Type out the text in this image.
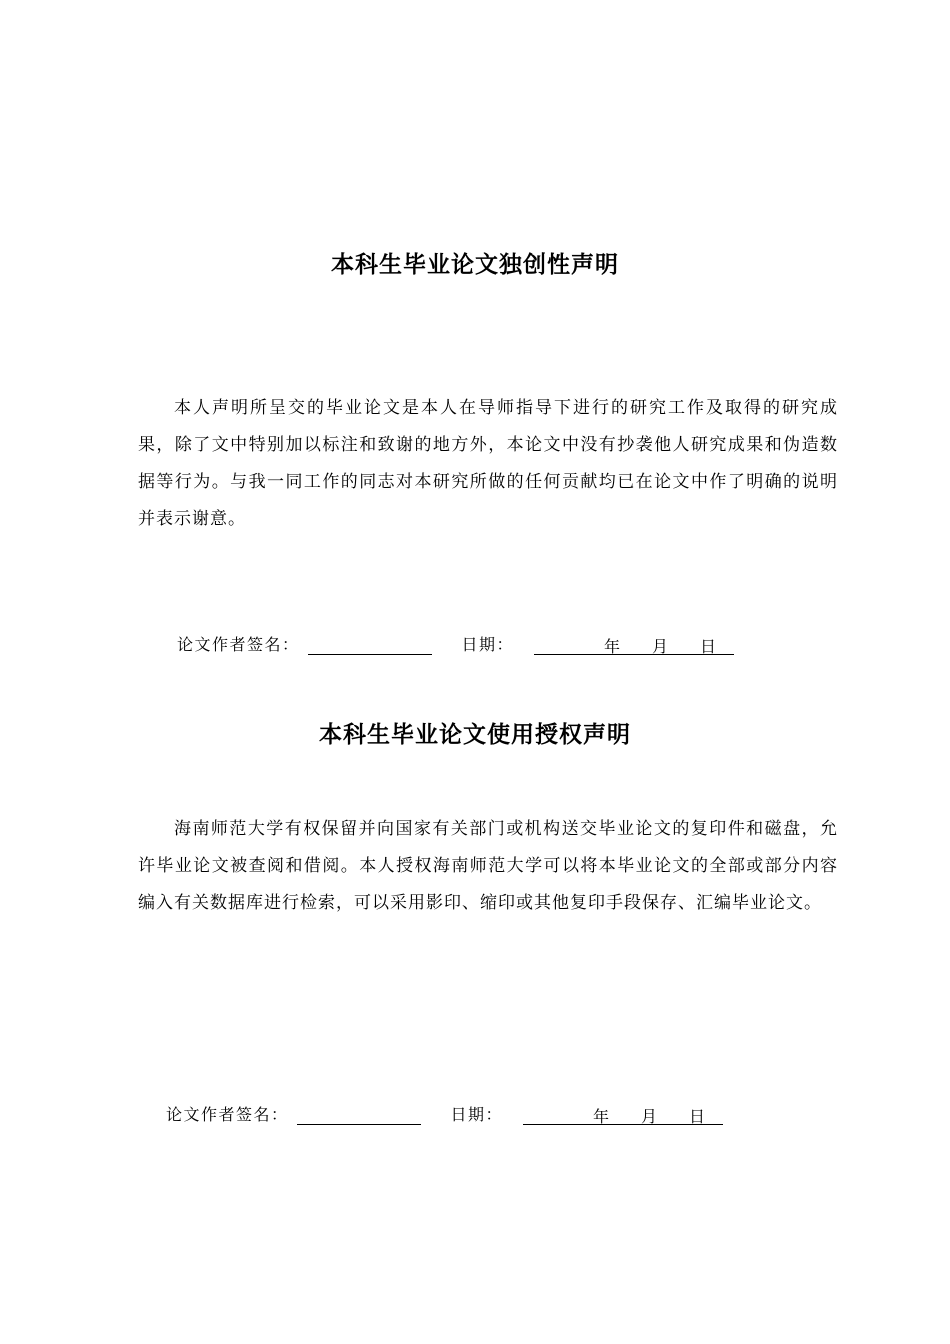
本科生毕业论文独创性声明

本人声明所呈交的毕业论文是本人在导师指导下进行的研究工作及取得的研究成果，除了文中特别加以标注和致谢的地方外，本论文中没有抄袭他人研究成果和伪造数据等行为。与我一同工作的同志对本研究所做的任何贡献均已在论文中作了明确的说明并表示谢意。

论文作者签名：	日期：	年 月 日
本科生毕业论文使用授权声明

海南师范大学有权保留并向国家有关部门或机构送交毕业论文的复印件和磁盘，允许毕业论文被查阅和借阅。本人授权海南师范大学可以将本毕业论文的全部或部分内容编入有关数据库进行检索，可以采用影印、缩印或其他复印手段保存、汇编毕业论文。

论文作者签名：	日期：	年 月 日
